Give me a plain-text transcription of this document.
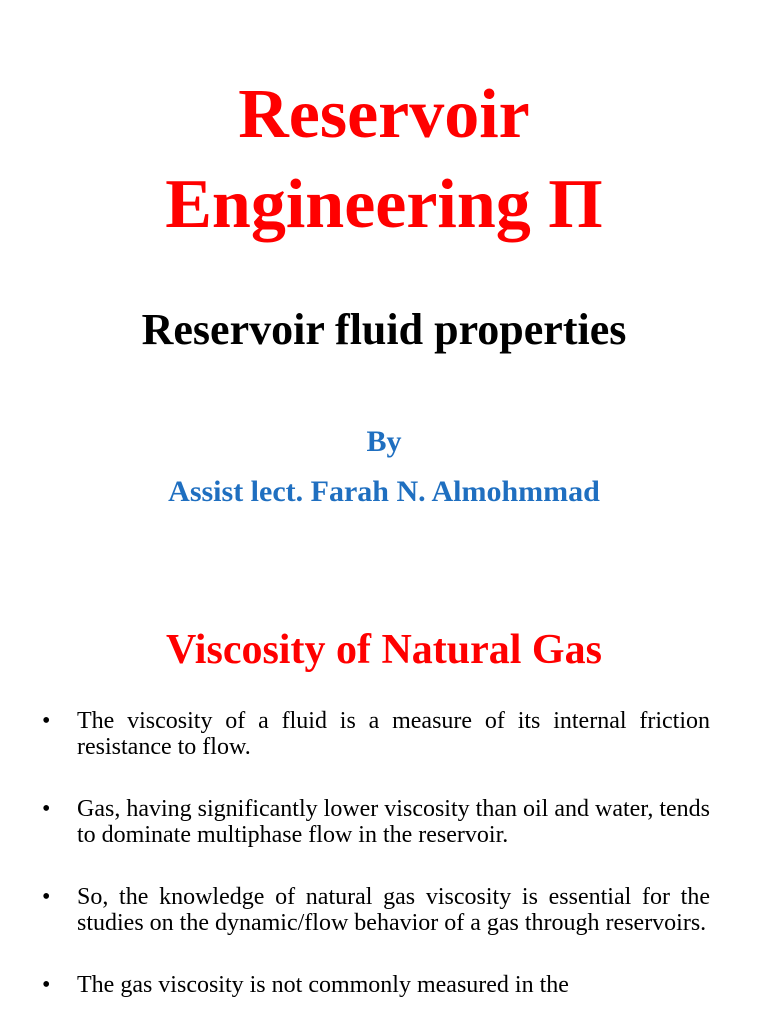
Reservoir
Engineering Π
Reservoir fluid properties

By

Assist lect. Farah N. Almohmmad

Viscosity of Natural Gas
• The viscosity of a fluid is a measure of its internal friction resistance to flow.
• Gas, having significantly lower viscosity than oil and water, tends to dominate multiphase flow in the reservoir.
• So, the knowledge of natural gas viscosity is essential for the studies on the dynamic/flow behavior of a gas through reservoirs.
• The gas viscosity is not commonly measured in the
